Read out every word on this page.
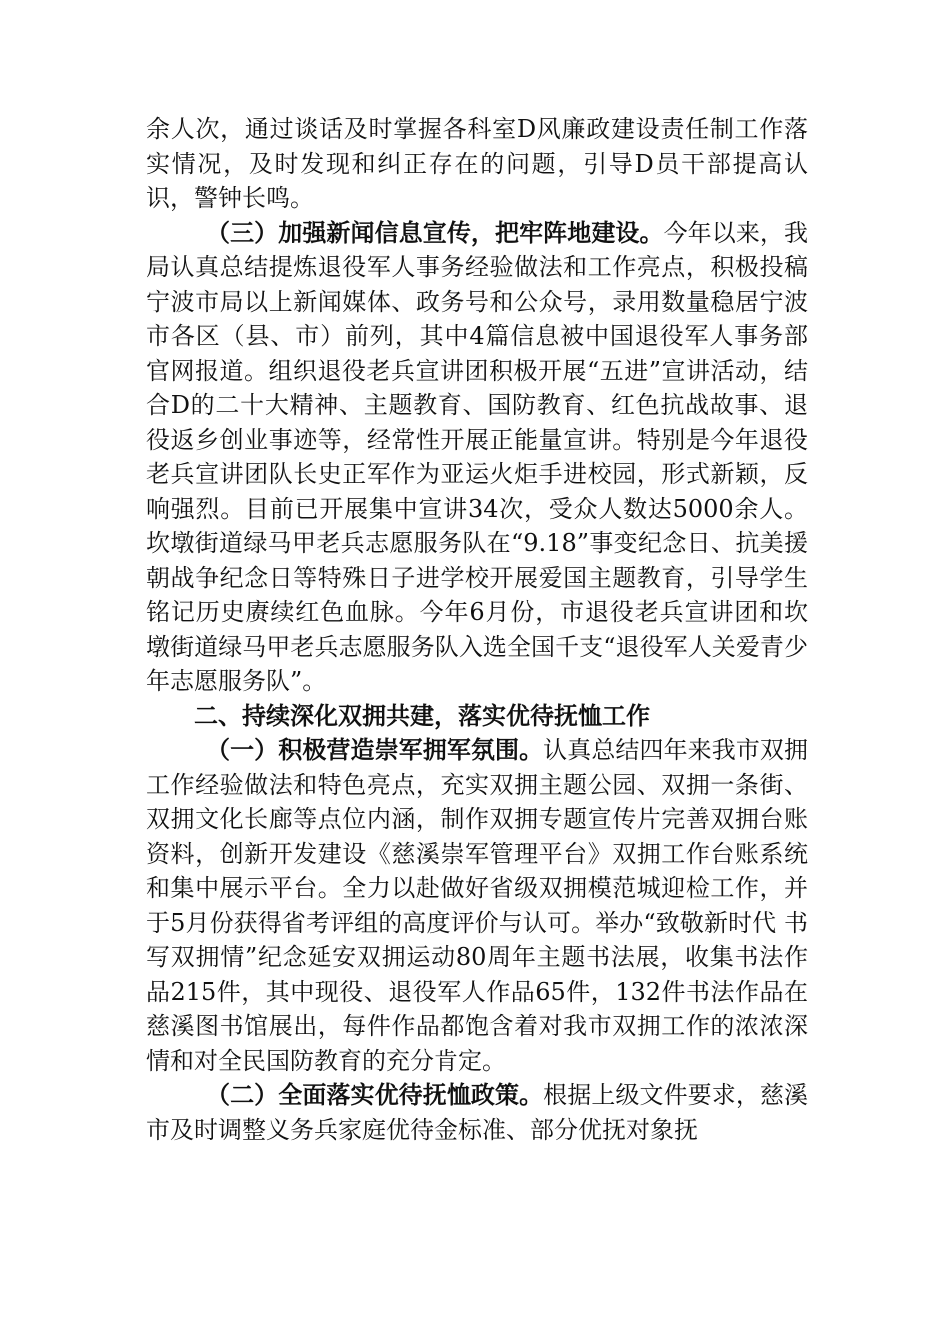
余人次，通过谈话及时掌握各科室D风廉政建设责任制工作落实情况，及时发现和纠正存在的问题，引导D员干部提高认识，警钟长鸣。

（三）加强新闻信息宣传，把牢阵地建设。今年以来，我局认真总结提炼退役军人事务经验做法和工作亮点，积极投稿宁波市局以上新闻媒体、政务号和公众号，录用数量稳居宁波市各区（县、市）前列，其中4篇信息被中国退役军人事务部官网报道。组织退役老兵宣讲团积极开展“五进”宣讲活动，结合D的二十大精神、主题教育、国防教育、红色抗战故事、退役返乡创业事迹等，经常性开展正能量宣讲。特别是今年退役老兵宣讲团队长史正军作为亚运火炬手进校园，形式新颖，反响强烈。目前已开展集中宣讲34次，受众人数达5000余人。坎墩街道绿马甲老兵志愿服务队在“9.18”事变纪念日、抗美援朝战争纪念日等特殊日子进学校开展爱国主题教育，引导学生铭记历史赓续红色血脉。今年6月份，市退役老兵宣讲团和坎墩街道绿马甲老兵志愿服务队入选全国千支“退役军人关爱青少年志愿服务队”。

二、持续深化双拥共建，落实优待抚恤工作

（一）积极营造崇军拥军氛围。认真总结四年来我市双拥工作经验做法和特色亮点，充实双拥主题公园、双拥一条街、双拥文化长廊等点位内涵，制作双拥专题宣传片完善双拥台账资料，创新开发建设《慈溪崇军管理平台》双拥工作台账系统和集中展示平台。全力以赴做好省级双拥模范城迎检工作，并于5月份获得省考评组的高度评价与认可。举办“致敬新时代 书写双拥情”纪念延安双拥运动80周年主题书法展，收集书法作品215件，其中现役、退役军人作品65件，132件书法作品在慈溪图书馆展出，每件作品都饱含着对我市双拥工作的浓浓深情和对全民国防教育的充分肯定。

（二）全面落实优待抚恤政策。根据上级文件要求，慈溪市及时调整义务兵家庭优待金标准、部分优抚对象抚
